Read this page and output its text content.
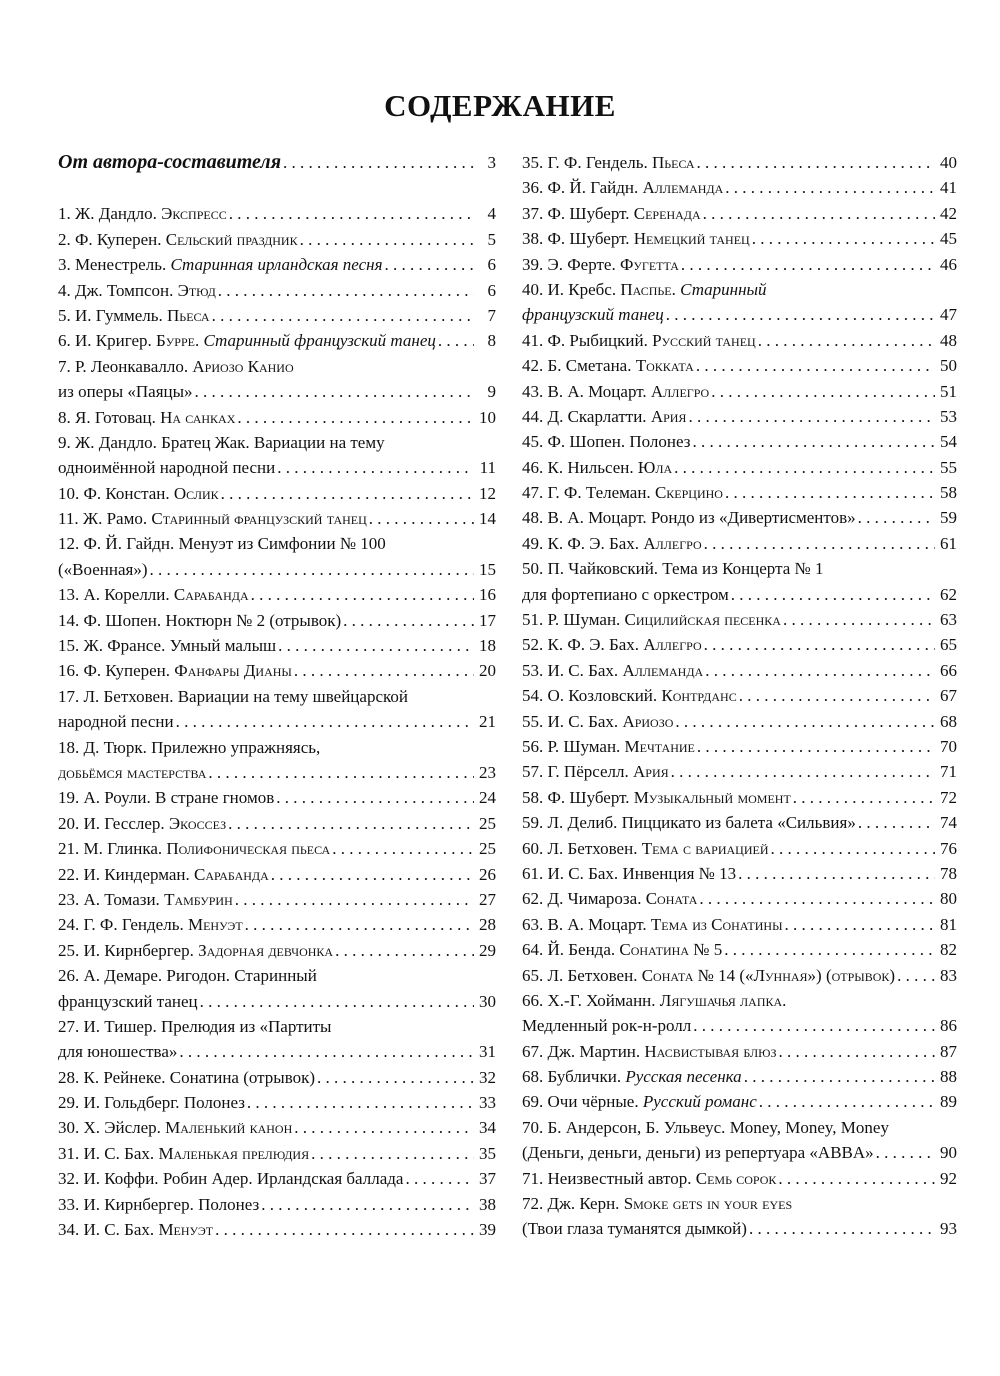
СОДЕРЖАНИЕ
От автора-составителя . . .	3
1. Ж. Дандло. Экспресс . . .	4
2. Ф. Куперен. Сельский праздник . . .	5
3. Менестрель. Старинная ирландская песня . . .	6
4. Дж. Томпсон. Этюд . . .	6
5. И. Гуммель. Пьеса . . .	7
6. И. Кригер. Бурре. Старинный французский танец . . .	8
7. Р. Леонкавалло. Ариозо Канио
из оперы «Паяцы» . . .	9
8. Я. Готовац. На санках . . .	10
9. Ж. Дандло. Братец Жак. Вариации на тему
одноимённой народной песни . . .	11
10. Ф. Констан. Ослик . . .	12
11. Ж. Рамо. Старинный французский танец . . .	14
12. Ф. Й. Гайдн. Менуэт из Симфонии № 100
(«Военная») . . .	15
13. А. Корелли. Сарабанда . . .	16
14. Ф. Шопен. Ноктюрн № 2 (отрывок) . . .	17
15. Ж. Франсе. Умный малыш . . .	18
16. Ф. Куперен. Фанфары Дианы . . .	20
17. Л. Бетховен. Вариации на тему швейцарской
народной песни . . .	21
18. Д. Тюрк. Прилежно упражняясь,
добьёмся мастерства . . .	23
19. А. Роули. В стране гномов . . .	24
20. И. Гесслер. Экоссез . . .	25
21. М. Глинка. Полифоническая пьеса . . .	25
22. И. Киндерман. Сарабанда . . .	26
23. А. Томази. Тамбурин . . .	27
24. Г. Ф. Гендель. Менуэт . . .	28
25. И. Кирнбергер. Задорная девчонка . . .	29
26. А. Демаре. Ригодон. Старинный
французский танец . . .	30
27. И. Тишер. Прелюдия из «Партиты
для юношества» . . .	31
28. К. Рейнеке. Сонатина (отрывок) . . .	32
29. И. Гольдберг. Полонез . . .	33
30. Х. Эйслер. Маленький канон . . .	34
31. И. С. Бах. Маленькая прелюдия . . .	35
32. И. Коффи. Робин Адер. Ирландская баллада . . .	37
33. И. Кирнбергер. Полонез . . .	38
34. И. С. Бах. Менуэт . . .	39
35. Г. Ф. Гендель. Пьеса . . .	40
36. Ф. Й. Гайдн. Аллеманда . . .	41
37. Ф. Шуберт. Серенада . . .	42
38. Ф. Шуберт. Немецкий танец . . .	45
39. Э. Ферте. Фугетта . . .	46
40. И. Кребс. Паспье. Старинный
французский танец . . .	47
41. Ф. Рыбицкий. Русский танец . . .	48
42. Б. Сметана. Токката . . .	50
43. В. А. Моцарт. Аллегро . . .	51
44. Д. Скарлатти. Ария . . .	53
45. Ф. Шопен. Полонез . . .	54
46. К. Нильсен. Юла . . .	55
47. Г. Ф. Телеман. Скерцино . . .	58
48. В. А. Моцарт. Рондо из «Дивертисментов» . . .	59
49. К. Ф. Э. Бах. Аллегро . . .	61
50. П. Чайковский. Тема из Концерта № 1
для фортепиано с оркестром . . .	62
51. Р. Шуман. Сицилийская песенка . . .	63
52. К. Ф. Э. Бах. Аллегро . . .	65
53. И. С. Бах. Аллеманда . . .	66
54. О. Козловский. Контрданс . . .	67
55. И. С. Бах. Ариозо . . .	68
56. Р. Шуман. Мечтание . . .	70
57. Г. Пёрселл. Ария . . .	71
58. Ф. Шуберт. Музыкальный момент . . .	72
59. Л. Делиб. Пиццикато из балета «Сильвия» . . .	74
60. Л. Бетховен. Тема с вариацией . . .	76
61. И. С. Бах. Инвенция № 13 . . .	78
62. Д. Чимароза. Соната . . .	80
63. В. А. Моцарт. Тема из Сонатины . . .	81
64. Й. Бенда. Сонатина № 5 . . .	82
65. Л. Бетховен. Соната № 14 («Лунная») (отрывок) . . .	83
66. Х.-Г. Хойманн. Лягушачья лапка.
Медленный рок-н-ролл . . .	86
67. Дж. Мартин. Насвистывая блюз . . .	87
68. Бублички. Русская песенка . . .	88
69. Очи чёрные. Русский романс . . .	89
70. Б. Андерсон, Б. Ульвеус. Money, Money, Money
(Деньги, деньги, деньги) из репертуара «ABBA» . . .	90
71. Неизвестный автор. Семь сорок . . .	92
72. Дж. Керн. Smoke gets in your eyes
(Твои глаза туманятся дымкой) . . .	93
